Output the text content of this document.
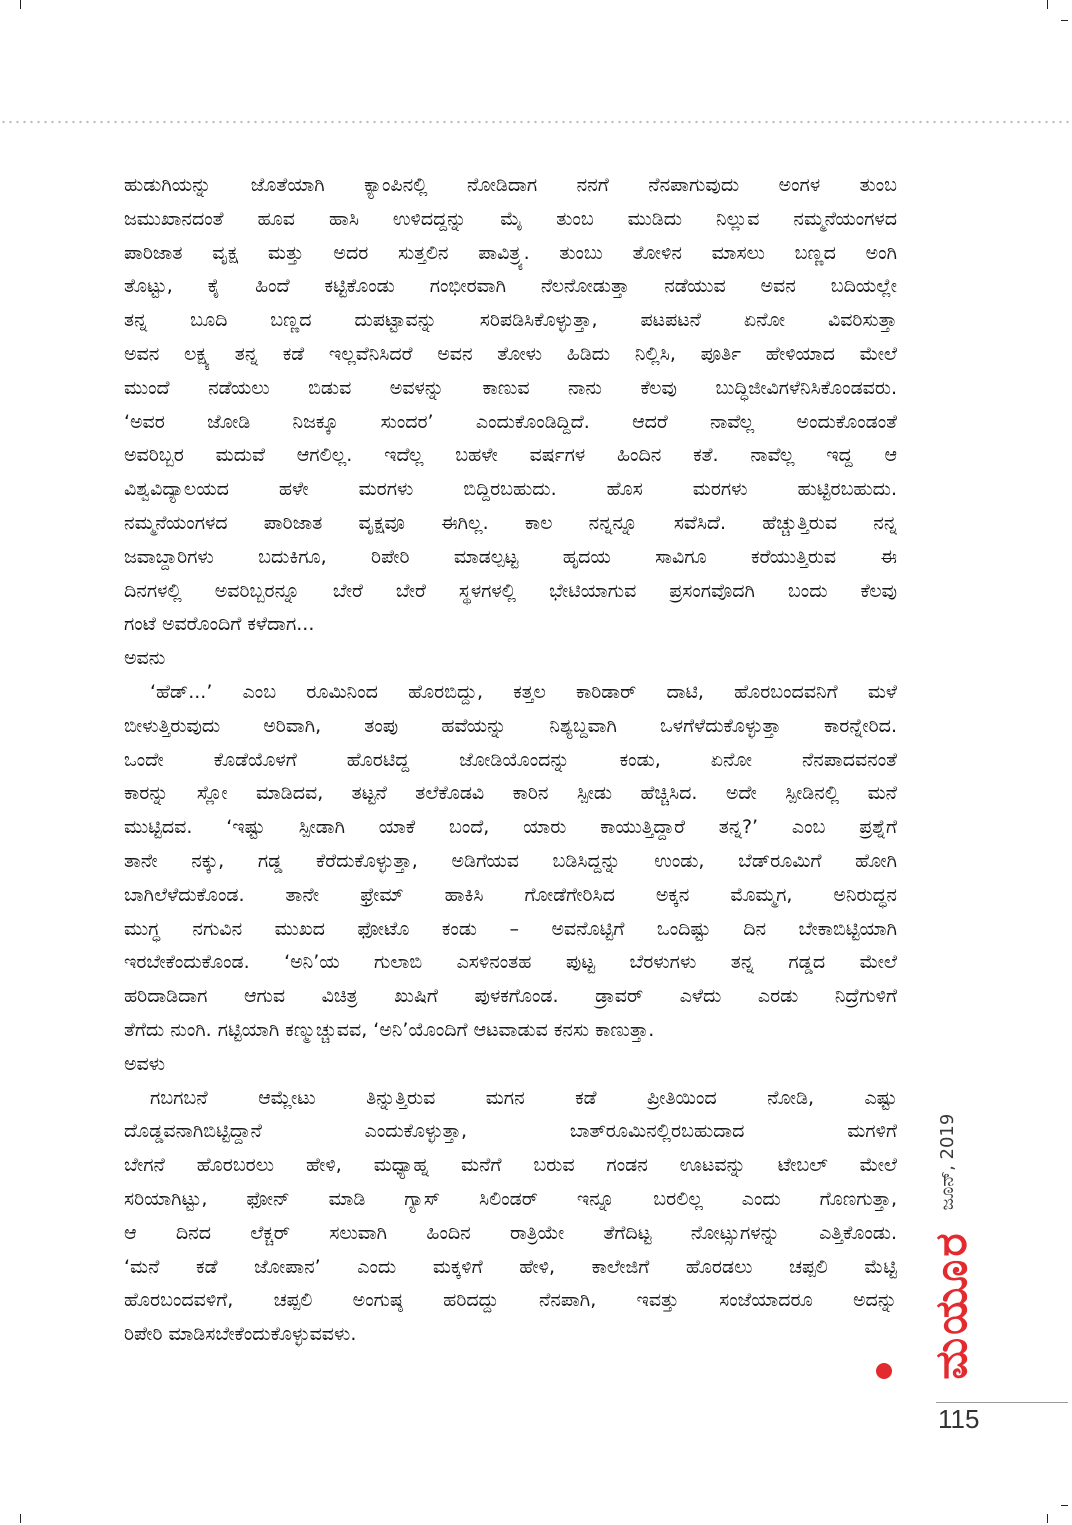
ಹುಡುಗಿಯನ್ನು ಜೊತೆಯಾಗಿ ಕ್ಯಾಂಪಿನಲ್ಲಿ ನೋಡಿದಾಗ ನನಗೆ ನೆನಪಾಗುವುದು ಅಂಗಳ ತುಂಬ
ಜಮುಖಾನದಂತೆ ಹೂವ ಹಾಸಿ ಉಳಿದದ್ದನ್ನು ಮೈ ತುಂಬ ಮುಡಿದು ನಿಲ್ಲುವ ನಮ್ಮನೆಯಂಗಳದ
ಪಾರಿಜಾತ ವೃಕ್ಷ ಮತ್ತು ಅದರ ಸುತ್ತಲಿನ ಪಾವಿತ್ರ್ಯ. ತುಂಬು ತೋಳಿನ ಮಾಸಲು ಬಣ್ಣದ ಅಂಗಿ
ತೊಟ್ಟು, ಕೈ ಹಿಂದೆ ಕಟ್ಟಿಕೊಂಡು ಗಂಭೀರವಾಗಿ ನೆಲನೋಡುತ್ತಾ ನಡೆಯುವ ಅವನ ಬದಿಯಲ್ಲೇ
ತನ್ನ ಬೂದಿ ಬಣ್ಣದ ದುಪಟ್ಟಾವನ್ನು ಸರಿಪಡಿಸಿಕೊಳ್ಳುತ್ತಾ, ಪಟಪಟನೆ ಏನೋ ವಿವರಿಸುತ್ತಾ
ಅವನ ಲಕ್ಷ್ಯ ತನ್ನ ಕಡೆ ಇಲ್ಲವೆನಿಸಿದರೆ ಅವನ ತೋಳು ಹಿಡಿದು ನಿಲ್ಲಿಸಿ, ಪೂರ್ತಿ ಹೇಳಿಯಾದ ಮೇಲೆ
ಮುಂದೆ ನಡೆಯಲು ಬಿಡುವ ಅವಳನ್ನು ಕಾಣುವ ನಾನು ಕೆಲವು ಬುದ್ಧಿಜೀವಿಗಳೆನಿಸಿಕೊಂಡವರು.
‘ಅವರ ಜೋಡಿ ನಿಜಕ್ಕೂ ಸುಂದರ’ ಎಂದುಕೊಂಡಿದ್ದಿದೆ. ಆದರೆ ನಾವೆಲ್ಲ ಅಂದುಕೊಂಡಂತೆ
ಅವರಿಬ್ಬರ ಮದುವೆ ಆಗಲಿಲ್ಲ. ಇದೆಲ್ಲ ಬಹಳೇ ವರ್ಷಗಳ ಹಿಂದಿನ ಕತೆ. ನಾವೆಲ್ಲ ಇದ್ದ ಆ
ವಿಶ್ವವಿದ್ಯಾಲಯದ ಹಳೇ ಮರಗಳು ಬಿದ್ದಿರಬಹುದು. ಹೊಸ ಮರಗಳು ಹುಟ್ಟಿರಬಹುದು.
ನಮ್ಮನೆಯಂಗಳದ ಪಾರಿಜಾತ ವೃಕ್ಷವೂ ಈಗಿಲ್ಲ. ಕಾಲ ನನ್ನನ್ನೂ ಸವೆಸಿದೆ. ಹೆಚ್ಚುತ್ತಿರುವ ನನ್ನ
ಜವಾಬ್ದಾರಿಗಳು ಬದುಕಿಗೂ, ರಿಪೇರಿ ಮಾಡಲ್ಪಟ್ಟ ಹೃದಯ ಸಾವಿಗೂ ಕರೆಯುತ್ತಿರುವ ಈ
ದಿನಗಳಲ್ಲಿ ಅವರಿಬ್ಬರನ್ನೂ ಬೇರೆ ಬೇರೆ ಸ್ಥಳಗಳಲ್ಲಿ ಭೇಟಿಯಾಗುವ ಪ್ರಸಂಗವೊದಗಿ ಬಂದು ಕೆಲವು
ಗಂಟೆ ಅವರೊಂದಿಗೆ ಕಳೆದಾಗ...
ಅವನು
‘ಹೆಡ್...’ ಎಂಬ ರೂಮಿನಿಂದ ಹೊರಬಿದ್ದು, ಕತ್ತಲ ಕಾರಿಡಾರ್ ದಾಟಿ, ಹೊರಬಂದವನಿಗೆ ಮಳೆ
ಬೀಳುತ್ತಿರುವುದು ಅರಿವಾಗಿ, ತಂಪು ಹವೆಯನ್ನು ನಿಶ್ಯಬ್ದವಾಗಿ ಒಳಗೆಳೆದುಕೊಳ್ಳುತ್ತಾ ಕಾರನ್ನೇರಿದ.
ಒಂದೇ ಕೊಡೆಯೊಳಗೆ ಹೊರಟಿದ್ದ ಜೋಡಿಯೊಂದನ್ನು ಕಂಡು, ಏನೋ ನೆನಪಾದವನಂತೆ
ಕಾರನ್ನು ಸ್ಲೋ ಮಾಡಿದವ, ತಟ್ಟನೆ ತಲೆಕೊಡವಿ ಕಾರಿನ ಸ್ಪೀಡು ಹೆಚ್ಚಿಸಿದ. ಅದೇ ಸ್ಪೀಡಿನಲ್ಲಿ ಮನೆ
ಮುಟ್ಟಿದವ. ‘ಇಷ್ಟು ಸ್ಪೀಡಾಗಿ ಯಾಕೆ ಬಂದೆ, ಯಾರು ಕಾಯುತ್ತಿದ್ದಾರೆ ತನ್ನ?’ ಎಂಬ ಪ್ರಶ್ನೆಗೆ
ತಾನೇ ನಕ್ಕು, ಗಡ್ಡ ಕೆರೆದುಕೊಳ್ಳುತ್ತಾ, ಅಡಿಗೆಯವ ಬಡಿಸಿದ್ದನ್ನು ಉಂಡು, ಬೆಡ್‌ರೂಮಿಗೆ ಹೋಗಿ
ಬಾಗಿಲೆಳೆದುಕೊಂಡ. ತಾನೇ ಫ್ರೇಮ್ ಹಾಕಿಸಿ ಗೋಡೆಗೇರಿಸಿದ ಅಕ್ಕನ ಮೊಮ್ಮಗ, ಅನಿರುದ್ಧನ
ಮುಗ್ಧ ನಗುವಿನ ಮುಖದ ಫೋಟೊ ಕಂಡು – ಅವನೊಟ್ಟಿಗೆ ಒಂದಿಷ್ಟು ದಿನ ಬೇಕಾಬಿಟ್ಟಿಯಾಗಿ
ಇರಬೇಕೆಂದುಕೊಂಡ. ‘ಅನಿ’ಯ ಗುಲಾಬಿ ಎಸಳಿನಂತಹ ಪುಟ್ಟ ಬೆರಳುಗಳು ತನ್ನ ಗಡ್ಡದ ಮೇಲೆ
ಹರಿದಾಡಿದಾಗ ಆಗುವ ವಿಚಿತ್ರ ಖುಷಿಗೆ ಪುಳಕಗೊಂಡ. ಡ್ರಾವರ್ ಎಳೆದು ಎರಡು ನಿದ್ರೆಗುಳಿಗೆ
ತೆಗೆದು ನುಂಗಿ. ಗಟ್ಟಿಯಾಗಿ ಕಣ್ಮುಚ್ಚುವವ, ‘ಅನಿ’ಯೊಂದಿಗೆ ಆಟವಾಡುವ ಕನಸು ಕಾಣುತ್ತಾ.
ಅವಳು
ಗಬಗಬನೆ ಆಮ್ಲೇಟು ತಿನ್ನುತ್ತಿರುವ ಮಗನ ಕಡೆ ಪ್ರೀತಿಯಿಂದ ನೋಡಿ, ಎಷ್ಟು
ದೊಡ್ಡವನಾಗಿಬಿಟ್ಟಿದ್ದಾನೆ ಎಂದುಕೊಳ್ಳುತ್ತಾ, ಬಾತ್‌ರೂಮಿನಲ್ಲಿರಬಹುದಾದ ಮಗಳಿಗೆ
ಬೇಗನೆ ಹೊರಬರಲು ಹೇಳಿ, ಮಧ್ಯಾಹ್ನ ಮನೆಗೆ ಬರುವ ಗಂಡನ ಊಟವನ್ನು ಟೇಬಲ್ ಮೇಲೆ
ಸರಿಯಾಗಿಟ್ಟು, ಫೋನ್ ಮಾಡಿ ಗ್ಯಾಸ್ ಸಿಲಿಂಡರ್ ಇನ್ನೂ ಬರಲಿಲ್ಲ ಎಂದು ಗೊಣಗುತ್ತಾ,
ಆ ದಿನದ ಲೆಕ್ಚರ್ ಸಲುವಾಗಿ ಹಿಂದಿನ ರಾತ್ರಿಯೇ ತೆಗೆದಿಟ್ಟ ನೋಟ್ಸುಗಳನ್ನು ಎತ್ತಿಕೊಂಡು.
‘ಮನೆ ಕಡೆ ಜೋಪಾನ’ ಎಂದು ಮಕ್ಕಳಿಗೆ ಹೇಳಿ, ಕಾಲೇಜಿಗೆ ಹೊರಡಲು ಚಪ್ಪಲಿ ಮೆಟ್ಟಿ
ಹೊರಬಂದವಳಿಗೆ, ಚಪ್ಪಲಿ ಅಂಗುಷ್ಠ ಹರಿದದ್ದು ನೆನಪಾಗಿ, ಇವತ್ತು ಸಂಜೆಯಾದರೂ ಅದನ್ನು
ರಿಪೇರಿ ಮಾಡಿಸಬೇಕೆಂದುಕೊಳ್ಳುವವಳು.
ಜೂನ್, 2019
ಮಯೂರ
115
